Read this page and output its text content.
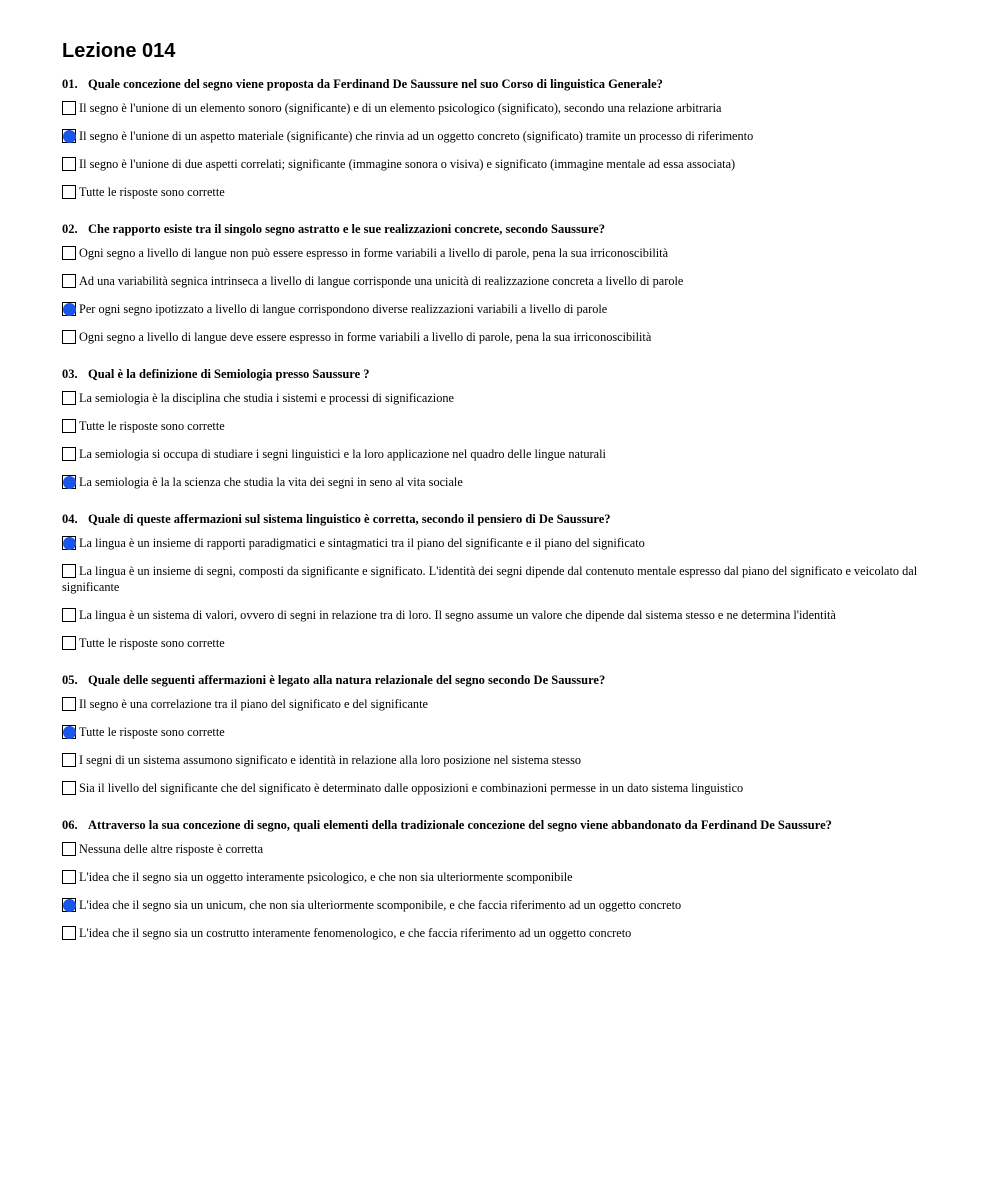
Lezione 014

01. Quale concezione del segno viene proposta da Ferdinand De Saussure nel suo Corso di linguistica Generale?

Il segno è l'unione di un elemento sonoro (significante) e di un elemento psicologico (significato), secondo una relazione arbitraria
Il segno è l'unione di un aspetto materiale (significante) che rinvia ad un oggetto concreto (significato) tramite un processo di riferimento
Il segno è l'unione di due aspetti correlati; significante (immagine sonora o visiva) e significato (immagine mentale ad essa associata)
Tutte le risposte sono corrette

02. Che rapporto esiste tra il singolo segno astratto e le sue realizzazioni concrete, secondo Saussure?

Ogni segno a livello di langue non può essere espresso in forme variabili a livello di parole, pena la sua irriconoscibilità
Ad una variabilità segnica intrinseca a livello di langue corrisponde una unicità di realizzazione concreta a livello di parole
Per ogni segno ipotizzato a livello di langue corrispondono diverse realizzazioni variabili a livello di parole
Ogni segno a livello di langue deve essere espresso in forme variabili a livello di parole, pena la sua irriconoscibilità

03. Qual è la definizione di Semiologia presso Saussure ?

La semiologia è la disciplina che studia i sistemi e processi di significazione
Tutte le risposte sono corrette
La semiologia si occupa di studiare i segni linguistici e la loro applicazione nel quadro delle lingue naturali
La semiologia è la la scienza che studia la vita dei segni in seno al vita sociale

04. Quale di queste affermazioni sul sistema linguistico è corretta, secondo il pensiero di De Saussure?

La lingua è un insieme di rapporti paradigmatici e sintagmatici tra il piano del significante e il piano del significato
La lingua è un insieme di segni, composti da significante e significato. L'identità dei segni dipende dal contenuto mentale espresso dal piano del significato e veicolato dal significante
La lingua è un sistema di valori, ovvero di segni in relazione tra di loro. Il segno assume un valore che dipende dal sistema stesso e ne determina l'identità
Tutte le risposte sono corrette

05. Quale delle seguenti affermazioni è legato alla natura relazionale del segno secondo De Saussure?

Il segno è una correlazione tra il piano del significato e del significante
Tutte le risposte sono corrette
I segni di un sistema assumono significato e identità in relazione alla loro posizione nel sistema stesso
Sia il livello del significante che del significato è determinato dalle opposizioni e combinazioni permesse in un dato sistema linguistico

06. Attraverso la sua concezione di segno, quali elementi della tradizionale concezione del segno viene abbandonato da Ferdinand De Saussure?

Nessuna delle altre risposte è corretta
L'idea che il segno sia un oggetto interamente psicologico, e che non sia ulteriormente scomponibile
L'idea che il segno sia un unicum, che non sia ulteriormente scomponibile, e che faccia riferimento ad un oggetto concreto
L'idea che il segno sia un costrutto interamente fenomenologico, e che faccia riferimento ad un oggetto concreto
